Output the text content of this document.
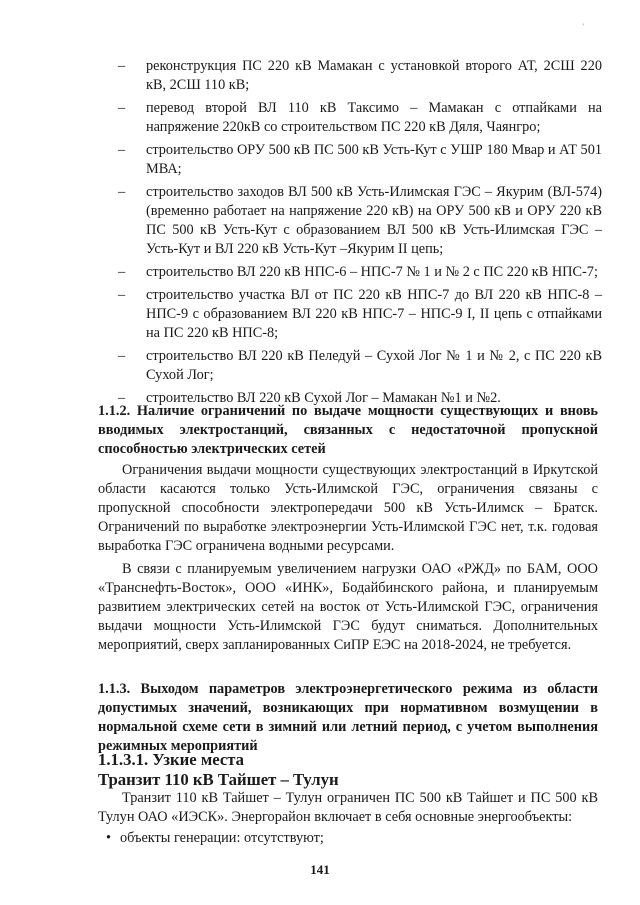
'
– реконструкция ПС 220 кВ Мамакан с установкой второго АТ, 2СШ 220 кВ, 2СШ 110 кВ;
– перевод второй ВЛ 110 кВ Таксимо – Мамакан с отпайками на напряжение 220кВ со строительством ПС 220 кВ Дяля, Чаянгро;
– строительство ОРУ 500 кВ ПС 500 кВ Усть-Кут с УШР 180 Мвар и АТ 501 МВА;
– строительство заходов ВЛ 500 кВ Усть-Илимская ГЭС – Якурим (ВЛ-574) (временно работает на напряжение 220 кВ) на ОРУ 500 кВ и ОРУ 220 кВ ПС 500 кВ Усть-Кут с образованием ВЛ 500 кВ Усть-Илимская ГЭС – Усть-Кут и ВЛ 220 кВ Усть-Кут –Якурим II цепь;
– строительство ВЛ 220 кВ НПС-6 – НПС-7 № 1 и № 2 с ПС 220 кВ НПС-7;
– строительство участка ВЛ от ПС 220 кВ НПС-7 до ВЛ 220 кВ НПС-8 – НПС-9 с образованием ВЛ 220 кВ НПС-7 – НПС-9 I, II цепь с отпайками на ПС 220 кВ НПС-8;
– строительство ВЛ 220 кВ Пеледуй – Сухой Лог № 1 и № 2, с ПС 220 кВ Сухой Лог;
– строительство ВЛ 220 кВ Сухой Лог – Мамакан №1 и №2.
1.1.2. Наличие ограничений по выдаче мощности существующих и вновь вводимых электростанций, связанных с недостаточной пропускной способностью электрических сетей

Ограничения выдачи мощности существующих электростанций в Иркутской области касаются только Усть-Илимской ГЭС, ограничения связаны с пропускной способности электропередачи 500 кВ Усть-Илимск – Братск. Ограничений по выработке электроэнергии Усть-Илимской ГЭС нет, т.к. годовая выработка ГЭС ограничена водными ресурсами.

В связи с планируемым увеличением нагрузки ОАО «РЖД» по БАМ, ООО «Транснефть-Восток», ООО «ИНК», Бодайбинского района, и планируемым развитием электрических сетей на восток от Усть-Илимской ГЭС, ограничения выдачи мощности Усть-Илимской ГЭС будут сниматься. Дополнительных мероприятий, сверх запланированных СиПР ЕЭС на 2018-2024, не требуется.

1.1.3. Выходом параметров электроэнергетического режима из области допустимых значений, возникающих при нормативном возмущении в нормальной схеме сети в зимний или летний период, с учетом выполнения режимных мероприятий
1.1.3.1. Узкие места
Транзит 110 кВ Тайшет – Тулун

Транзит 110 кВ Тайшет – Тулун ограничен ПС 500 кВ Тайшет и ПС 500 кВ Тулун ОАО «ИЭСК». Энергорайон включает в себя основные энергообъекты:

• объекты генерации: отсутствуют;
141
